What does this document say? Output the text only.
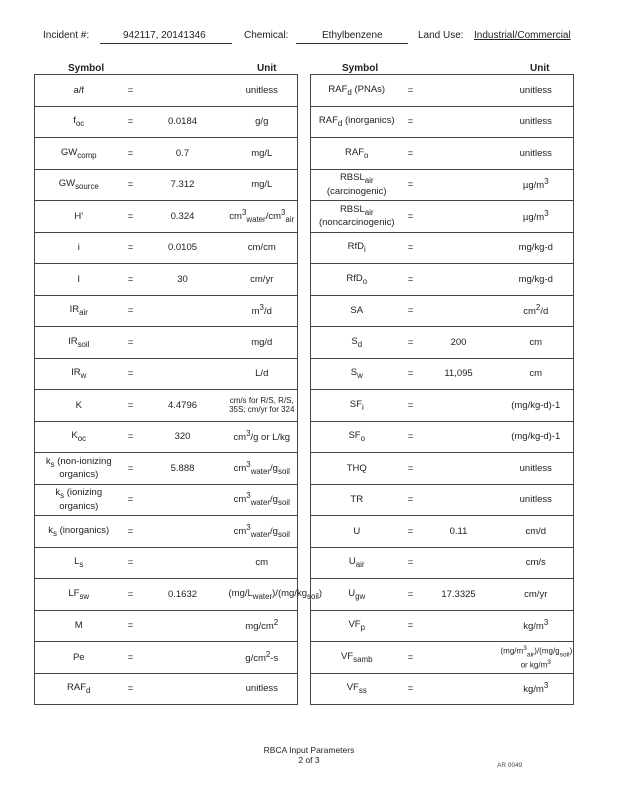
Incident #:	942117, 20141346	Chemical:	Ethylbenzene	Land Use: Industrial/Commercial
Symbol	Unit	Symbol	Unit
a/f	=		unitless
$f_{oc}$	=	0.0184	g/g
$GW_{comp}$	=	0.7	mg/L
$GW_{source}$	=	7.312	mg/L
H'	=	0.324	$cm^3_{water}/cm^3_{air}$
i	=	0.0105	cm/cm
I	=	30	cm/yr
$IR_{air}$	=		$m^3/d$
$IR_{soil}$	=		mg/d
$IR_w$	=		L/d
K	=	4.4796	cm/s for R/S, R/S, 35S; cm/yr for 324
$K_{oc}$	=	320	$cm^3/g$ or L/kg
$k_s$ (non-ionizing organics)	=	5.888	$cm^3_{water}/g_{soil}$
$k_s$ (ionizing organics)	=		$cm^3_{water}/g_{soil}$
$k_s$ (inorganics)	=		$cm^3_{water}/g_{soil}$
$L_s$	=		cm
$LF_{sw}$	=	0.1632	$(mg/L_{water})/(mg/kg_{soil})$
M	=		$mg/cm^2$
Pe	=		$g/cm^2-s$
$RAF_d$	=		unitless
$RAF_d$ (PNAs)	=		unitless
$RAF_d$ (inorganics)	=		unitless
$RAF_o$	=		unitless
$RBSL_{air}$ (carcinogenic)	=		$\mu g/m^3$
$RBSL_{air}$ (noncarcinogenic)	=		$\mu g/m^3$
RfD$_i$	=		mg/kg-d
RfD$_o$	=		mg/kg-d
SA	=		$cm^2/d$
$S_d$	=	200	cm
$S_w$	=	11,095	cm
$SF_i$	=		(mg/kg-d)-1
$SF_o$	=		(mg/kg-d)-1
THQ	=		unitless
TR	=		unitless
U	=	0.11	cm/d
$U_{air}$	=		cm/s
$U_{gw}$	=	17.3325	cm/yr
$VF_p$	=		$kg/m^3$
$VF_{samb}$	=		$(mg/m^3_{air})/(mg/g_{soil})$ or $kg/m^3$
$VF_{ss}$	=		$kg/m^3$
RBCA Input Parameters
2 of 3
AR 0049
